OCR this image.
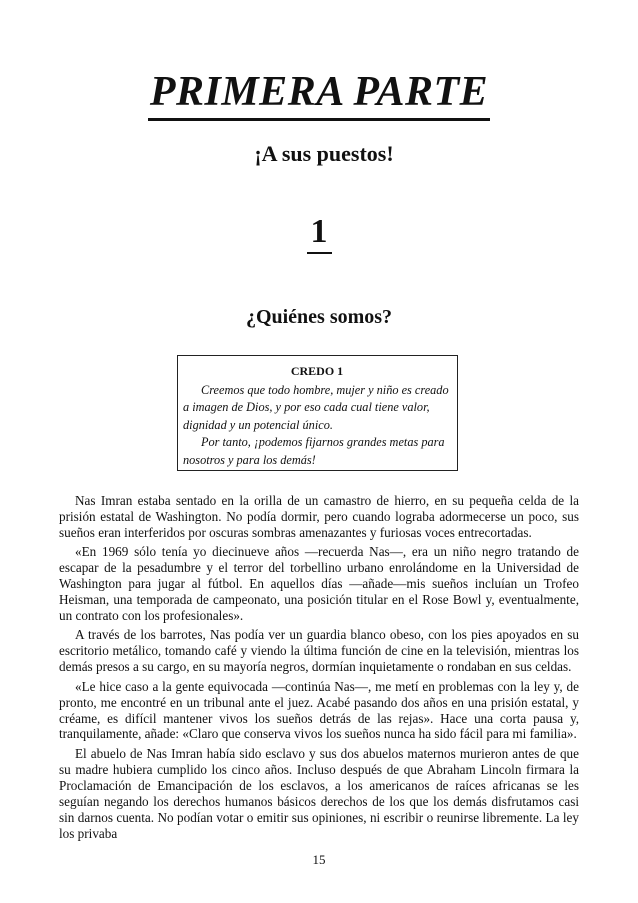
PRIMERA PARTE
¡A sus puestos!
1
¿Quiénes somos?
CREDO 1

Creemos que todo hombre, mujer y niño es creado a imagen de Dios, y por eso cada cual tiene valor, dignidad y un potencial único.

Por tanto, ¡podemos fijarnos grandes metas para nosotros y para los demás!

Nas Imran estaba sentado en la orilla de un camastro de hierro, en su pequeña celda de la prisión estatal de Washington. No podía dormir, pero cuando lograba adormecerse un poco, sus sueños eran interferidos por oscuras sombras amenazantes y furiosas voces entrecortadas.

«En 1969 sólo tenía yo diecinueve años —recuerda Nas—, era un niño negro tratando de escapar de la pesadumbre y el terror del torbellino urbano enrolándome en la Universidad de Washington para jugar al fútbol. En aquellos días —añade—mis sueños incluían un Trofeo Heisman, una temporada de campeonato, una posición titular en el Rose Bowl y, eventualmente, un contrato con los profesionales».

A través de los barrotes, Nas podía ver un guardia blanco obeso, con los pies apoyados en su escritorio metálico, tomando café y viendo la última función de cine en la televisión, mientras los demás presos a su cargo, en su mayoría negros, dormían inquietamente o rondaban en sus celdas.

«Le hice caso a la gente equivocada —continúa Nas—, me metí en problemas con la ley y, de pronto, me encontré en un tribunal ante el juez. Acabé pasando dos años en una prisión estatal, y créame, es difícil mantener vivos los sueños detrás de las rejas». Hace una corta pausa y, tranquilamente, añade: «Claro que conserva vivos los sueños nunca ha sido fácil para mi familia».

El abuelo de Nas Imran había sido esclavo y sus dos abuelos maternos murieron antes de que su madre hubiera cumplido los cinco años. Incluso después de que Abraham Lincoln firmara la Proclamación de Emancipación de los esclavos, a los americanos de raíces africanas se les seguían negando los derechos humanos básicos derechos de los que los demás disfrutamos casi sin darnos cuenta. No podían votar o emitir sus opiniones, ni escribir o reunirse libremente. La ley los privaba

15
